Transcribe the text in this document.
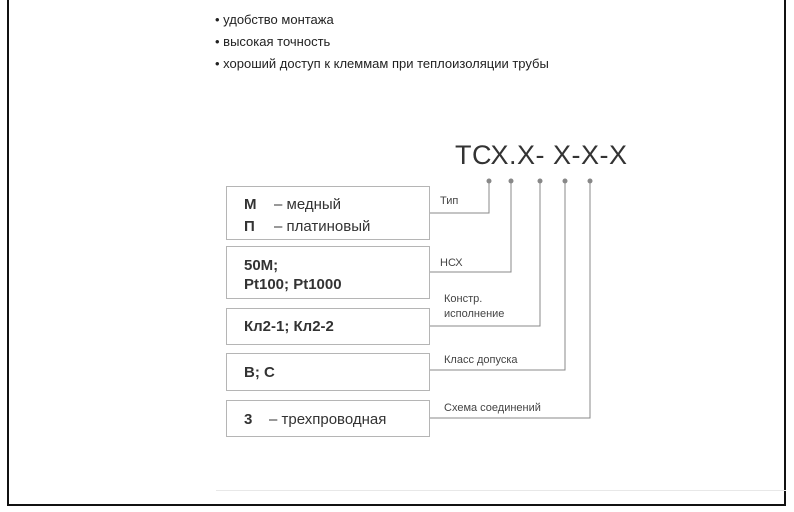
• удобство монтажа
• высокая точность
• хороший доступ к клеммам при теплоизоляции трубы
ТСХ.Х- Х-Х-Х
М – медный
П – платиновый
Тип
50М;
Pt100; Pt1000
НСХ
Кл2-1; Кл2-2
Констр.
исполнение
В; С
Класс допуска
3 – трехпроводная
Схема соединений
